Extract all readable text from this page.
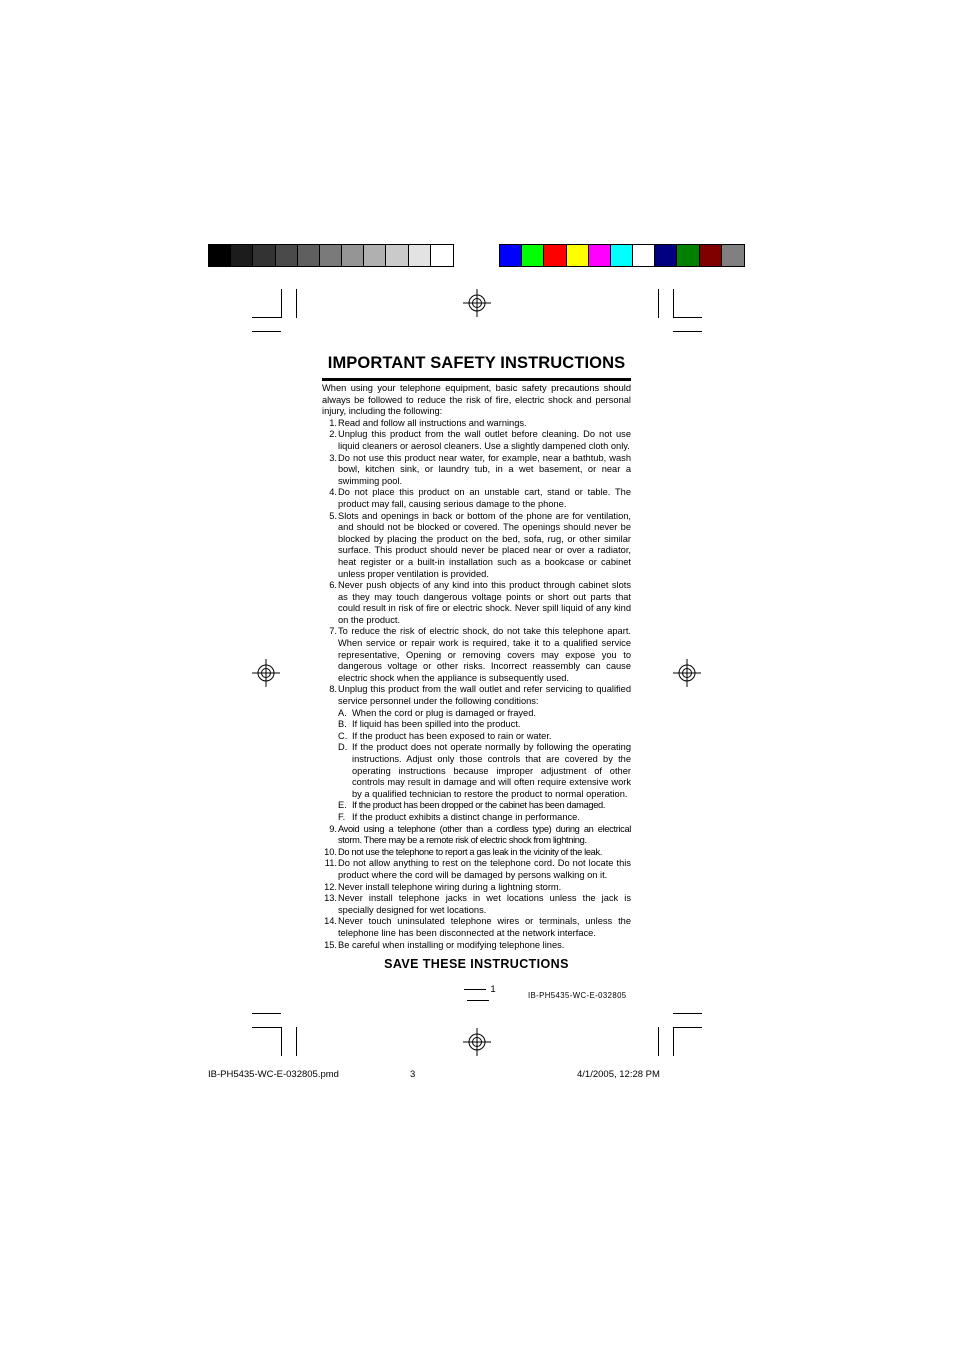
IMPORTANT SAFETY INSTRUCTIONS

When using your telephone equipment, basic safety precautions should always be followed to reduce the risk of fire, electric shock and personal injury, including the following:

1. Read and follow all instructions and warnings.
2. Unplug this product from the wall outlet before cleaning. Do not use liquid cleaners or aerosol cleaners. Use a slightly dampened cloth only.
3. Do not use this product near water, for example, near a bathtub, wash bowl, kitchen sink, or laundry tub, in a wet basement, or near a swimming pool.
4. Do not place this product on an unstable cart, stand or table. The product may fall, causing serious damage to the phone.
5. Slots and openings in back or bottom of the phone are for ventilation, and should not be blocked or covered. The openings should never be blocked by placing the product on the bed, sofa, rug, or other similar surface. This product should never be placed near or over a radiator, heat register or a built-in installation such as a bookcase or cabinet unless proper ventilation is provided.
6. Never push objects of any kind into this product through cabinet slots as they may touch dangerous voltage points or short out parts that could result in risk of fire or electric shock. Never spill liquid of any kind on the product.
7. To reduce the risk of electric shock, do not take this telephone apart. When service or repair work is required, take it to a qualified service representative, Opening or removing covers may expose you to dangerous voltage or other risks. Incorrect reassembly can cause electric shock when the appliance is subsequently used.
8. Unplug this product from the wall outlet and refer servicing to qualified service personnel under the following conditions:
A. When the cord or plug is damaged or frayed.
B. If liquid has been spilled into the product.
C. If the product has been exposed to rain or water.
D. If the product does not operate normally by following the operating instructions. Adjust only those controls that are covered by the operating instructions because improper adjustment of other controls may result in damage and will often require extensive work by a qualified technician to restore the product to normal operation.
E. If the product has been dropped or the cabinet has been damaged.
F. If the product exhibits a distinct change in performance.
9. Avoid using a telephone (other than a cordless type) during an electrical storm. There may be a remote risk of electric shock from lightning.
10. Do not use the telephone to report a gas leak in the vicinity of the leak.
11. Do not allow anything to rest on the telephone cord. Do not locate this product where the cord will be damaged by persons walking on it.
12. Never install telephone wiring during a lightning storm.
13. Never install telephone jacks in wet locations unless the jack is specially designed for wet locations.
14. Never touch uninsulated telephone wires or terminals, unless the telephone line has been disconnected at the network interface.
15. Be careful when installing or modifying telephone lines.
SAVE THESE INSTRUCTIONS
1
IB-PH5435-WC-E-032805
IB-PH5435-WC-E-032805.pmd	3	4/1/2005, 12:28 PM
